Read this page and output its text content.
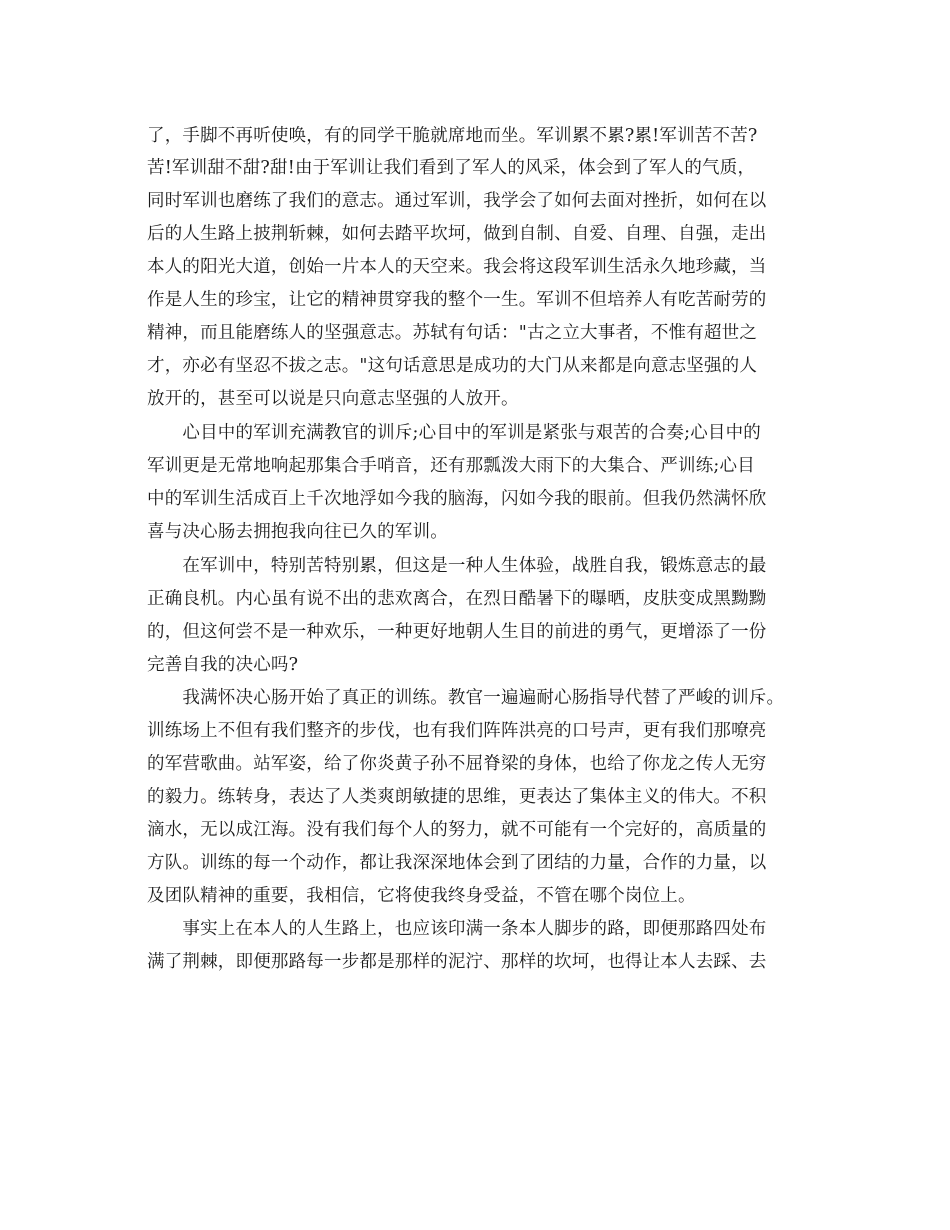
了，手脚不再听使唤，有的同学干脆就席地而坐。军训累不累?累!军训苦不苦?
苦!军训甜不甜?甜!由于军训让我们看到了军人的风采，体会到了军人的气质，
同时军训也磨练了我们的意志。通过军训，我学会了如何去面对挫折，如何在以
后的人生路上披荆斩棘，如何去踏平坎坷，做到自制、自爱、自理、自强，走出
本人的阳光大道，创始一片本人的天空来。我会将这段军训生活永久地珍藏，当
作是人生的珍宝，让它的精神贯穿我的整个一生。军训不但培养人有吃苦耐劳的
精神，而且能磨练人的坚强意志。苏轼有句话："古之立大事者，不惟有超世之
才，亦必有坚忍不拔之志。"这句话意思是成功的大门从来都是向意志坚强的人
放开的，甚至可以说是只向意志坚强的人放开。
　　心目中的军训充满教官的训斥;心目中的军训是紧张与艰苦的合奏;心目中的
军训更是无常地响起那集合手哨音，还有那瓢泼大雨下的大集合、严训练;心目
中的军训生活成百上千次地浮如今我的脑海，闪如今我的眼前。但我仍然满怀欣
喜与决心肠去拥抱我向往已久的军训。
　　在军训中，特别苦特别累，但这是一种人生体验，战胜自我，锻炼意志的最
正确良机。内心虽有说不出的悲欢离合，在烈日酷暑下的曝晒，皮肤变成黑黝黝
的，但这何尝不是一种欢乐，一种更好地朝人生目的前进的勇气，更增添了一份
完善自我的决心吗?
　　我满怀决心肠开始了真正的训练。教官一遍遍耐心肠指导代替了严峻的训斥。
训练场上不但有我们整齐的步伐，也有我们阵阵洪亮的口号声，更有我们那嘹亮
的军营歌曲。站军姿，给了你炎黄子孙不屈脊梁的身体，也给了你龙之传人无穷
的毅力。练转身，表达了人类爽朗敏捷的思维，更表达了集体主义的伟大。不积
滴水，无以成江海。没有我们每个人的努力，就不可能有一个完好的，高质量的
方队。训练的每一个动作，都让我深深地体会到了团结的力量，合作的力量，以
及团队精神的重要，我相信，它将使我终身受益，不管在哪个岗位上。
　　事实上在本人的人生路上，也应该印满一条本人脚步的路，即便那路四处布
满了荆棘，即便那路每一步都是那样的泥泞、那样的坎坷，也得让本人去踩、去
